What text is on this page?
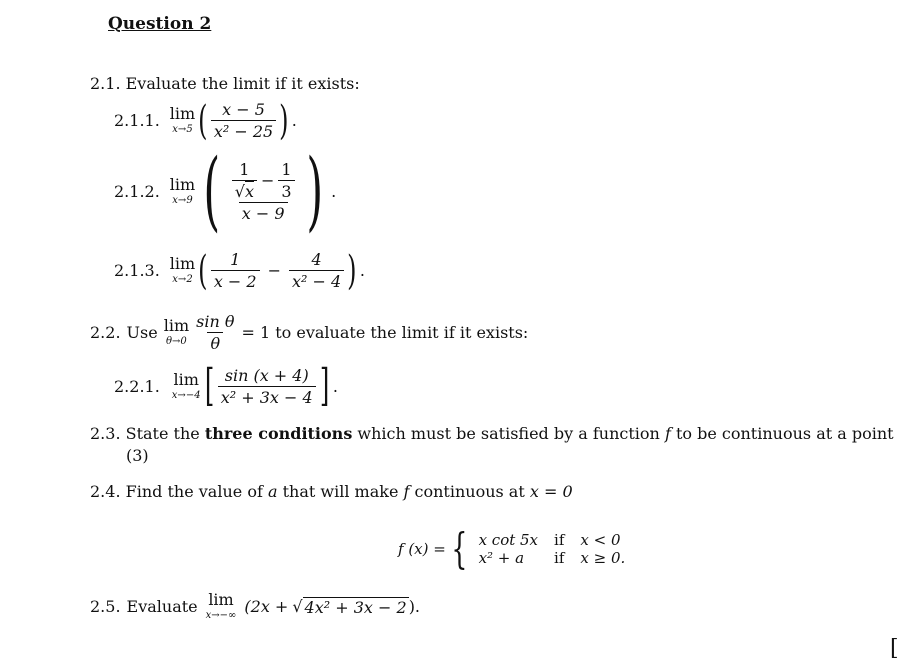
Question 2
2.1. Evaluate the limit if it exists:
2.1.1. lim
x→5 ( $\frac{x - 5}{\text{x² − 25}}$ ) .
2.1.2. lim
x→9 ( $\frac{\frac{1}{√x} - \frac{1}{3}}{x - 9}$ ) .
2.1.3. lim
x→2 ( $\frac{1}{x - 2} - \frac{4}{\text{x² − 4}}$ ) .
2.2. Use lim
$\theta\to 0 \frac{\text{sin θ}}{\theta} = 1$ to evaluate the limit if it exists:
2.2.1. lim
x→−4 [ $\frac{\sin (x + 4)}{\text{x² + 3x − 4}}$ ] .
2.3. State the three conditions which must be satisfied by a function f to be continuous at a point
(3)
2.4. Find the value of a that will make f continuous at x = 0
f (x) = { x cot 5x	if	x < 0
x² + a	if	x ≥ 0.
2.5. Evaluate lim
x→−∞ (2x + √ 4x² + 3x − 2 ).
[
